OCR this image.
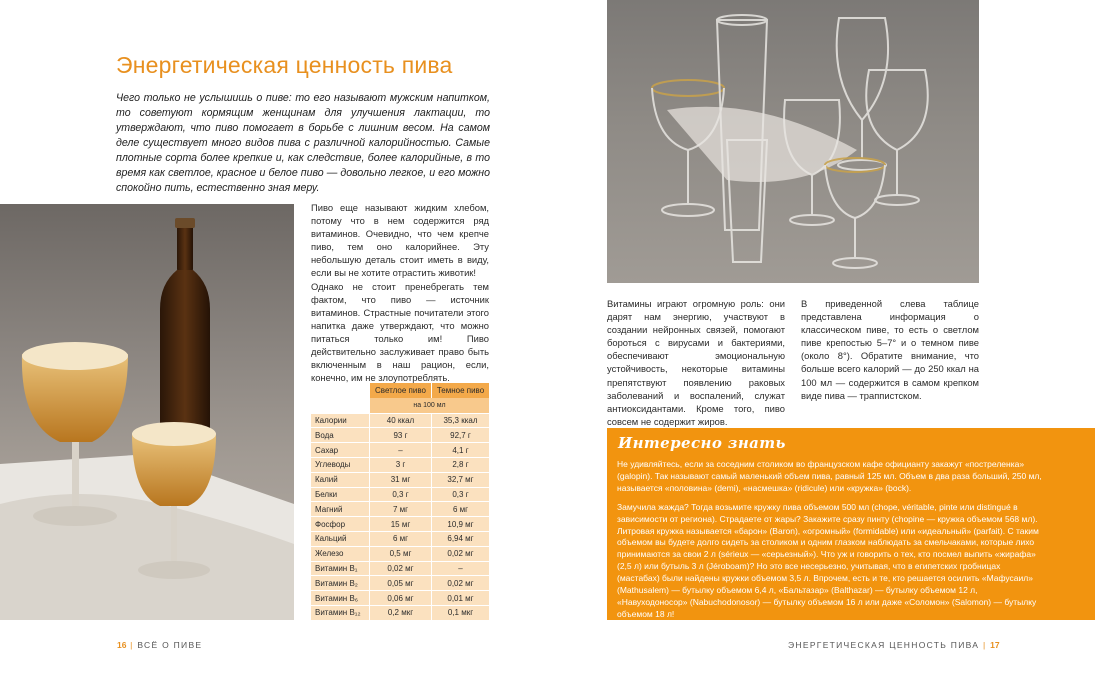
Энергетическая ценность пива

Чего только не услышишь о пиве: то его называют мужским напитком, то советуют кормящим женщинам для улучшения лактации, то утверждают, что пиво помогает в борьбе с лишним весом. На самом деле существует много видов пива с различной калорийностью. Самые плотные сорта более крепкие и, как следствие, более калорийные, в то время как светлое, красное и белое пиво — довольно легкое, и его можно спокойно пить, естественно зная меру.

Пиво еще называют жидким хлебом, потому что в нем содержится ряд витаминов. Очевидно, что чем крепче пиво, тем оно калорийнее. Эту небольшую деталь стоит иметь в виду, если вы не хотите отрастить животик!

Однако не стоит пренебрегать тем фактом, что пиво — источник витаминов. Страстные почитатели этого напитка даже утверждают, что можно питаться только им! Пиво действительно заслуживает право быть включенным в наш рацион, если, конечно, им не злоупотреблять.

	Светлое пиво	Темное пиво
	на 100 мл	
Калории	40 ккал	35,3 ккал
Вода	93 г	92,7 г
Сахар	–	4,1 г
Углеводы	3 г	2,8 г
Калий	31 мг	32,7 мг
Белки	0,3 г	0,3 г
Магний	7 мг	6 мг
Фосфор	15 мг	10,9 мг
Кальций	6 мг	6,94 мг
Железо	0,5 мг	0,02 мг
Витамин B₁	0,02 мг	–
Витамин B₂	0,05 мг	0,02 мг
Витамин B₆	0,06 мг	0,01 мг
Витамин B₁₂	0,2 мкг	0,1 мкг
16 | ВСЁ О ПИВЕ

Витамины играют огромную роль: они дарят нам энергию, участвуют в создании нейронных связей, помогают бороться с вирусами и бактериями, обеспечивают эмоциональную устойчивость, некоторые витамины препятствуют появлению раковых заболеваний и воспалений, служат антиоксидантами. Кроме того, пиво совсем не содержит жиров.

В приведенной слева таблице представлена информация о классическом пиве, то есть о светлом пиве крепостью 5–7° и о темном пиве (около 8°). Обратите внимание, что больше всего калорий — до 250 ккал на 100 мл — содержится в самом крепком виде пива — траппистском.

Интересно знать

Не удивляйтесь, если за соседним столиком во французском кафе официанту закажут «постреленка» (galopin). Так называют самый маленький объем пива, равный 125 мл. Объем в два раза больший, 250 мл, называется «половина» (demi), «насмешка» (ridicule) или «кружка» (bock).

Замучила жажда? Тогда возьмите кружку пива объемом 500 мл (chope, véritable, pinte или distingué в зависимости от региона). Страдаете от жары? Закажите сразу пинту (chopine — кружка объемом 568 мл). Литровая кружка называется «барон» (Baron), «огромный» (formidable) или «идеальный» (parfait). С таким объемом вы будете долго сидеть за столиком и одним глазком наблюдать за смельчаками, которые лихо принимаются за свои 2 л (sérieux — «серьезный»). Что уж и говорить о тех, кто посмел выпить «жирафа» (2,5 л) или бутыль 3 л (Jéroboam)? Но это все несерьезно, учитывая, что в египетских гробницах (мастабах) были найдены кружки объемом 3,5 л. Впрочем, есть и те, кто решается осилить «Мафусаил» (Mathusalem) — бутылку объемом 6,4 л, «Бальтазар» (Balthazar) — бутылку объемом 12 л, «Навуходоносор» (Nabuchodonosor) — бутылку объемом 16 л или даже «Соломон» (Salomon) — бутылку объемом 18 л!

ЭНЕРГЕТИЧЕСКАЯ ЦЕННОСТЬ ПИВА | 17
